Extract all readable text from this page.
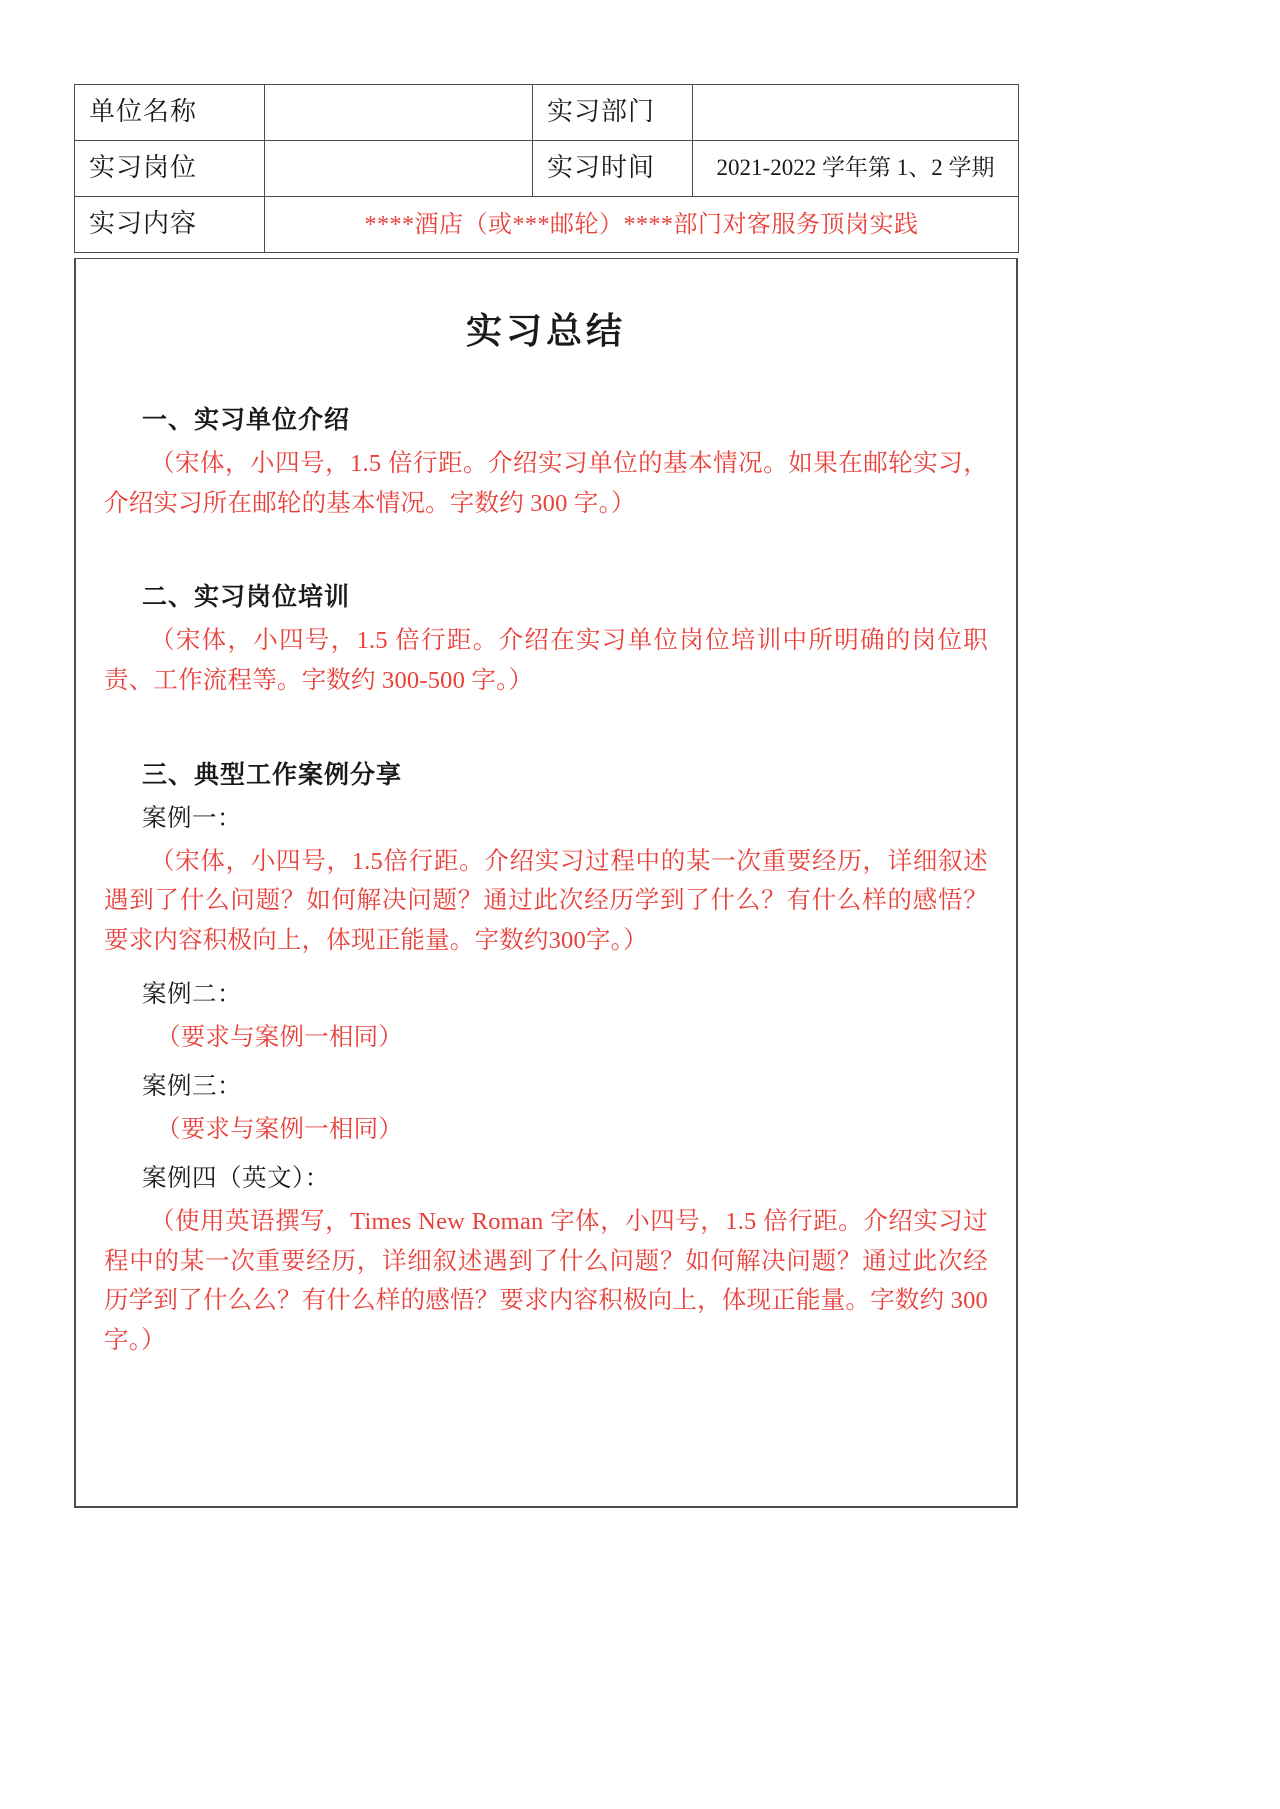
单位名称		实习部门	
实习岗位		实习时间	2021-2022 学年第 1、2 学期
实习内容	****酒店（或***邮轮）****部门对客服务顶岗实践		
实习总结
一、实习单位介绍
（宋体，小四号，1.5 倍行距。介绍实习单位的基本情况。如果在邮轮实习，介绍实习所在邮轮的基本情况。字数约 300 字。）
二、实习岗位培训
（宋体，小四号，1.5 倍行距。介绍在实习单位岗位培训中所明确的岗位职责、工作流程等。字数约 300-500 字。）
三、典型工作案例分享
案例一：
（宋体，小四号，1.5倍行距。介绍实习过程中的某一次重要经历，详细叙述遇到了什么问题？如何解决问题？通过此次经历学到了什么？有什么样的感悟？要求内容积极向上，体现正能量。字数约300字。）
案例二：
（要求与案例一相同）
案例三：
（要求与案例一相同）
案例四（英文）：
（使用英语撰写，Times New Roman 字体，小四号，1.5 倍行距。介绍实习过程中的某一次重要经历，详细叙述遇到了什么问题？如何解决问题？通过此次经历学到了什么么？有什么样的感悟？要求内容积极向上，体现正能量。字数约 300 字。）
